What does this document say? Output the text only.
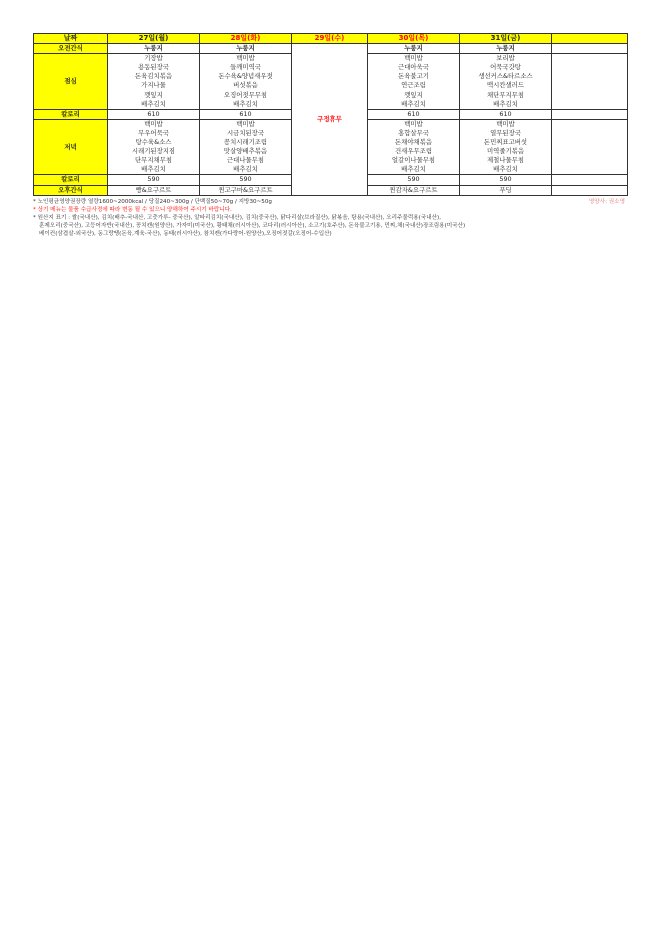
날짜	27일(월)	28일(화)	29일(수)	30일(목)	31일(금)	
오전간식	누룽지	누룽지	구정휴무	누룽지	누룽지	
점심	기장밥	백미밥		백미밥	보리밥	
	용동된장국	들깨미역국		근대아욱국	어묵국갓탕	
	돈육김치볶음	돈수육&양념새우젓		돈육불고기	생선커스&타르소스	
	가지나물	버섯볶음		연근조림	맥시칸샐러드	
	깻잎지	오징어젓무무침		깻잎지	채단무지무침	
	배추김치	배추김치		배추김치	배추김치	
칼로리	610	610		610	610	
저녁	백미밥	백미밥		백미밥	백미밥	
	무우어묵국	시금치된장국		홍합살무국	열무된장국	
	탕수육&소스	꽁치시래기조림		돈채야채볶음	돈민찌표고버섯	
	시래기된장지짐	맛살양배추볶음		건새우무조림	미역줄기볶음	
	단무지채무침	근대나물무침		얼갈이나물무침	제철나물무침	
	배추김치	배추김치		배추김치	배추김치	
칼로리	590	590		590	590	
오후간식	빵&요구르트	찐고구마&요구르트		찐감자&요구르트	푸딩	
* 노인평균영양권장량 열량1600~2000kcal / 당질240~300g / 단백질50~70g / 지방30~50g
* 상기 메뉴는 물품 수급사정에 따라 변동 될 수 있으니 양해하여 주시기 바랍니다.
영양사: 권소영
* 원산지 표기 : 쌀(국내산), 김치(배추-국내산, 고춧가루- 중국산), 알타리김치(국내산), 김치(중국산), 닭다리살(브라질산), 닭볶음, 탕용(국내산), 오리주물럭용(국내산),
훈제오리(중국산), 고등어자반(국내산), 꽁치캔(원양산), 가자미(미국산), 황태채(러시아산), 코다리(러시아산), 소고기(호주산), 돈육불고기용, 민찌,채(국내산)장조림용(미국산)
베이컨(삼겹살-외국산), 동그랑땡(돈육,계육-국산), 동태(러시아산), 참치캔(가다랑어-원양산),오징어젓갈(오징어-수입산)
